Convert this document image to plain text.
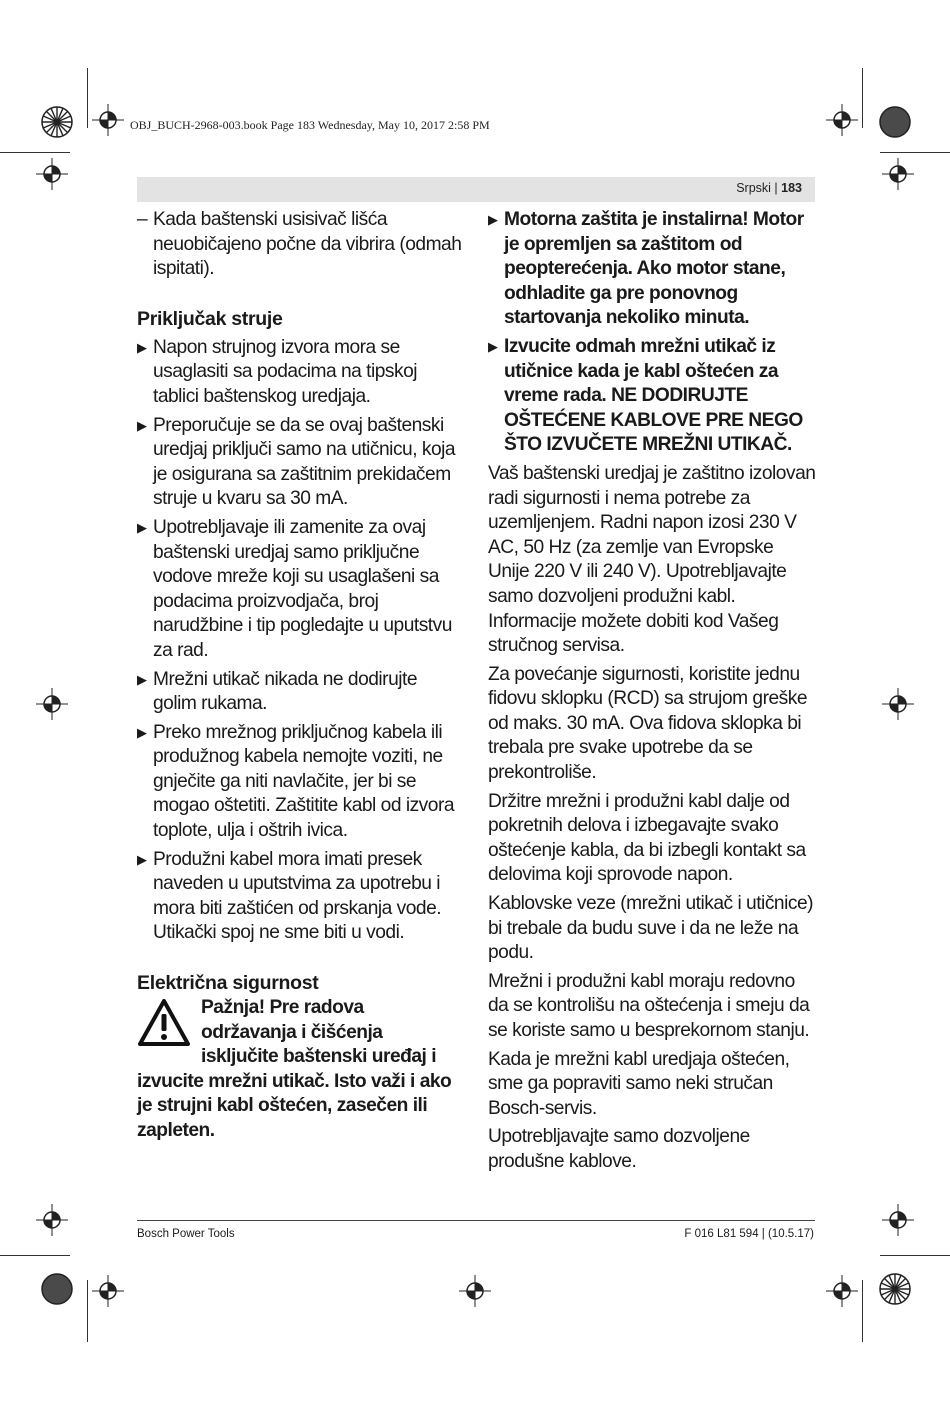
OBJ_BUCH-2968-003.book Page 183 Wednesday, May 10, 2017 2:58 PM
Srpski | 183
– Kada baštenski usisivač lišća neuobičajeno počne da vibrira (odmah ispitati).
Priključak struje
▶ Napon strujnog izvora mora se usaglasiti sa podacima na tipskoj tablici baštenskog uredjaja.
▶ Preporučuje se da se ovaj baštenski uredjaj priključi samo na utičnicu, koja je osigurana sa zaštitnim prekidačem struje u kvaru sa 30 mA.
▶ Upotrebljavaje ili zamenite za ovaj baštenski uredjaj samo priključne vodove mreže koji su usaglašeni sa podacima proizvodjača, broj narudžbine i tip pogledajte u uputstvu za rad.
▶ Mrežni utikač nikada ne dodirujte golim rukama.
▶ Preko mrežnog priključnog kabela ili produžnog kabela nemojte voziti, ne gnječite ga niti navlačite, jer bi se mogao oštetiti. Zaštitite kabl od izvora toplote, ulja i oštrih ivica.
▶ Produžni kabel mora imati presek naveden u uputstvima za upotrebu i mora biti zaštićen od prskanja vode. Utikački spoj ne sme biti u vodi.
Električna sigurnost
Pažnja! Pre radova
održavanja i čišćenja
isključite baštenski uređaj i
izvucite mrežni utikač. Isto važi i ako je strujni kabl oštećen, zasečen ili zapleten.
▶ Motorna zaštita je instalirna! Motor je opremljen sa zaštitom od peopterećenja. Ako motor stane, odhladite ga pre ponovnog startovanja nekoliko minuta.
▶ Izvucite odmah mrežni utikač iz utičnice kada je kabl oštećen za vreme rada. NE DODIRUJTE OŠTEĆENE KABLOVE PRE NEGO ŠTO IZVUČETE MREŽNI UTIKAČ.

Vaš baštenski uredjaj je zaštitno izolovan radi sigurnosti i nema potrebe za uzemljenjem. Radni napon izosi 230 V AC, 50 Hz (za zemlje van Evropske Unije 220 V ili 240 V). Upotrebljavajte samo dozvoljeni produžni kabl. Informacije možete dobiti kod Vašeg stručnog servisa.

Za povećanje sigurnosti, koristite jednu fidovu sklopku (RCD) sa strujom greške od maks. 30 mA. Ova fidova sklopka bi trebala pre svake upotrebe da se prekontroliše.

Držitre mrežni i produžni kabl dalje od pokretnih delova i izbegavajte svako oštećenje kabla, da bi izbegli kontakt sa delovima koji sprovode napon.

Kablovske veze (mrežni utikač i utičnice) bi trebale da budu suve i da ne leže na podu.

Mrežni i produžni kabl moraju redovno da se kontrolišu na oštećenja i smeju da se koriste samo u besprekornom stanju.

Kada je mrežni kabl uredjaja oštećen, sme ga popraviti samo neki stručan Bosch-servis.

Upotrebljavajte samo dozvoljene produšne kablove.

Bosch Power Tools	F 016 L81 594 | (10.5.17)
